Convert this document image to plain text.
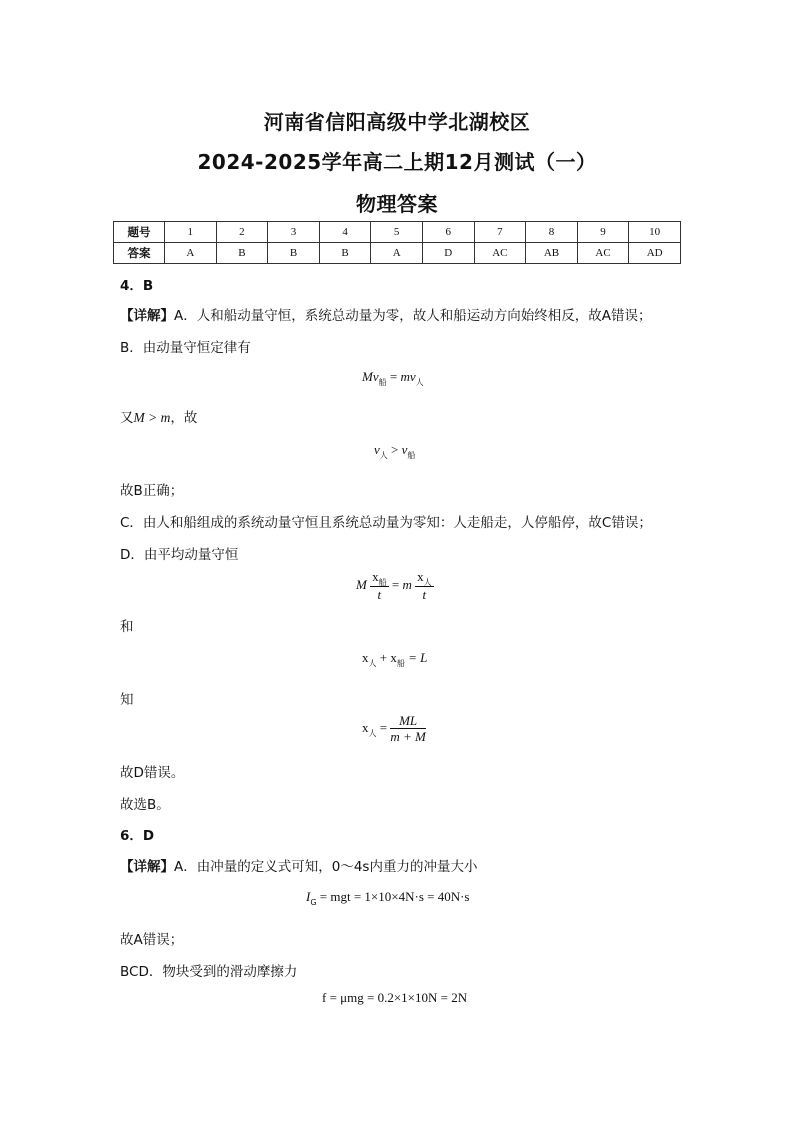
河南省信阳高级中学北湖校区
2024-2025学年高二上期12月测试（一）
物理答案
题号	1	2	3	4	5	6	7	8	9	10
答案	A	B	B	B	A	D	AC	AB	AC	AD
4．B
【详解】A．人和船动量守恒，系统总动量为零，故人和船运动方向始终相反，故A错误；
B．由动量守恒定律有
$Mv_船 = mv_人$
又M > m，故
$v_人 > v_船$
故B正确；
C．由人和船组成的系统动量守恒且系统总动量为零知：人走船走，人停船停，故C错误；
D．由平均动量守恒
M $\frac{x_船}{t} = m \frac{x_人}{t}$
和
$x_人 + x_船 = L$
知
$x_人 = \frac{ML}{m + M}$
故D错误。
故选B。
6．D
【详解】A．由冲量的定义式可知，0～4s内重力的冲量大小
$I_G$ = mgt = 1×10×4N·s = 40N·s
故A错误；
BCD．物块受到的滑动摩擦力
f = μmg = 0.2×1×10N = 2N
